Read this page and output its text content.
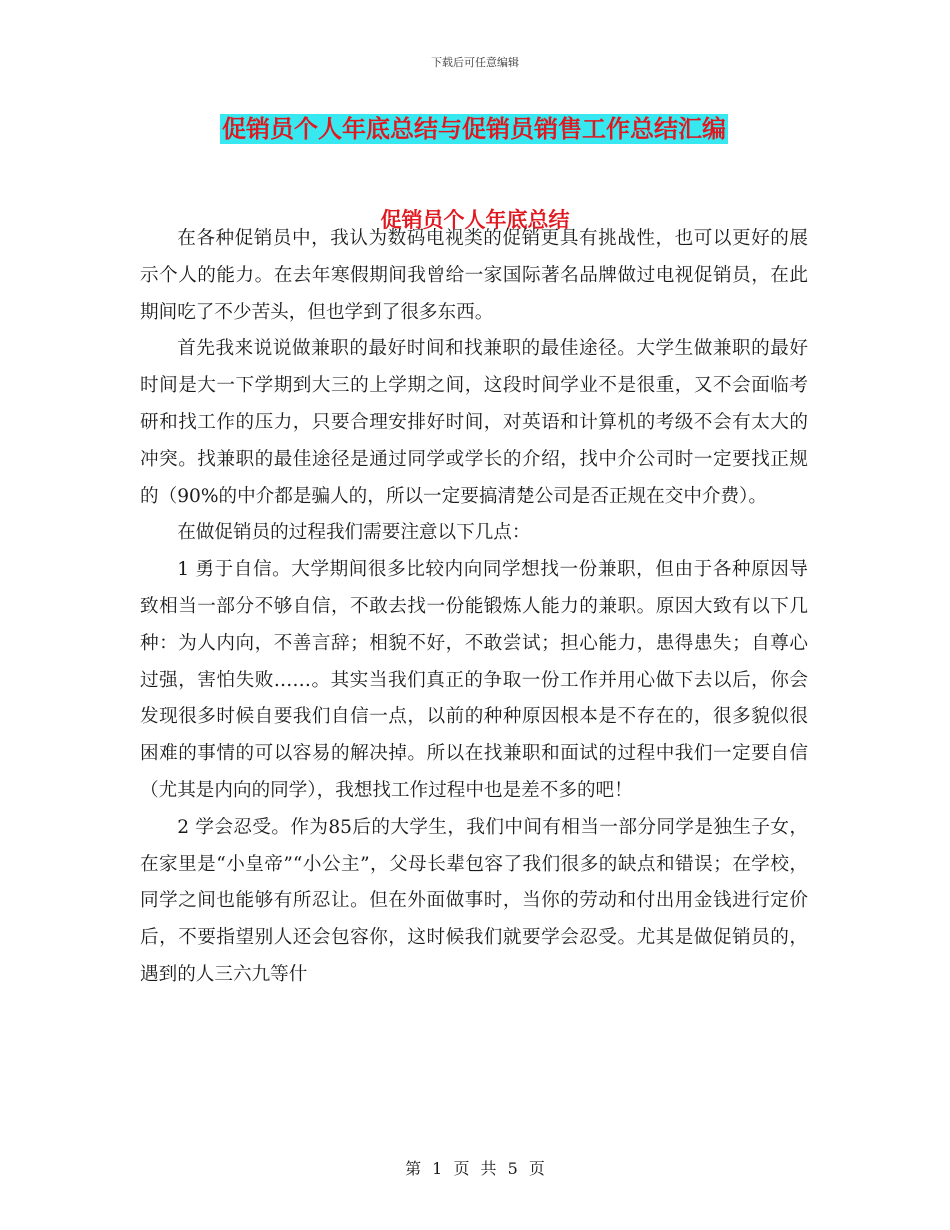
下载后可任意编辑
促销员个人年底总结与促销员销售工作总结汇编
促销员个人年底总结

在各种促销员中，我认为数码电视类的促销更具有挑战性，也可以更好的展示个人的能力。在去年寒假期间我曾给一家国际著名品牌做过电视促销员，在此期间吃了不少苦头，但也学到了很多东西。

首先我来说说做兼职的最好时间和找兼职的最佳途径。大学生做兼职的最好时间是大一下学期到大三的上学期之间，这段时间学业不是很重，又不会面临考研和找工作的压力，只要合理安排好时间，对英语和计算机的考级不会有太大的冲突。找兼职的最佳途径是通过同学或学长的介绍，找中介公司时一定要找正规的（90%的中介都是骗人的，所以一定要搞清楚公司是否正规在交中介费）。

在做促销员的过程我们需要注意以下几点：

1 勇于自信。大学期间很多比较内向同学想找一份兼职，但由于各种原因导致相当一部分不够自信，不敢去找一份能锻炼人能力的兼职。原因大致有以下几种：为人内向，不善言辞；相貌不好，不敢尝试；担心能力，患得患失；自尊心过强，害怕失败……。其实当我们真正的争取一份工作并用心做下去以后，你会发现很多时候自要我们自信一点，以前的种种原因根本是不存在的，很多貌似很困难的事情的可以容易的解决掉。所以在找兼职和面试的过程中我们一定要自信（尤其是内向的同学），我想找工作过程中也是差不多的吧！

2 学会忍受。作为85后的大学生，我们中间有相当一部分同学是独生子女，在家里是“小皇帝”“小公主”，父母长辈包容了我们很多的缺点和错误；在学校，同学之间也能够有所忍让。但在外面做事时，当你的劳动和付出用金钱进行定价后，不要指望别人还会包容你，这时候我们就要学会忍受。尤其是做促销员的，遇到的人三六九等什

第 1 页 共 5 页
